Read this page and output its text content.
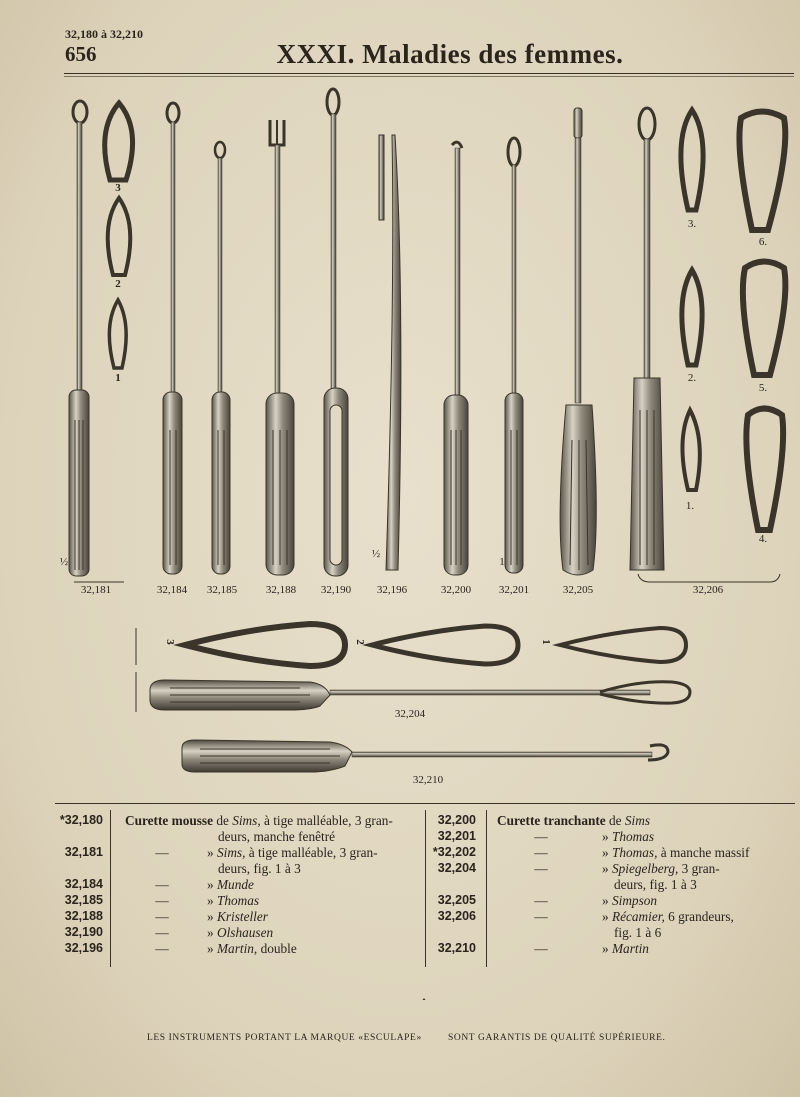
32,180 à 32,210
656	XXXI. Maladies des femmes.
32,181	32,184	32,185	32,188	32,190	32,196	32,200	32,201	32,205	32,206
32,204
32,210
3
2
1
3.
6.
2.
5.
1.
4.
3	2	1
½
½
1
*32,180 Curette mousse de Sims, à tige malléable, 3 gran-
deurs, manche fenêtré
32,181	—	» Sims, à tige malléable, 3 gran-
deurs, fig. 1 à 3
32,184	—	» Munde
32,185	—	» Thomas
32,188	—	» Kristeller
32,190	—	» Olshausen
32,196	—	» Martin, double
32,200 Curette tranchante de Sims
32,201	—	» Thomas
*32,202	—	» Thomas, à manche massif
32,204	—	» Spiegelberg, 3 gran-
deurs, fig. 1 à 3
32,205	—	» Simpson
32,206	—	» Récamier, 6 grandeurs,
fig. 1 à 6
32,210	—	» Martin
LES INSTRUMENTS PORTANT LA MARQUE «ESCULAPE»	SONT GARANTIS DE QUALITÉ SUPÉRIEURE.
